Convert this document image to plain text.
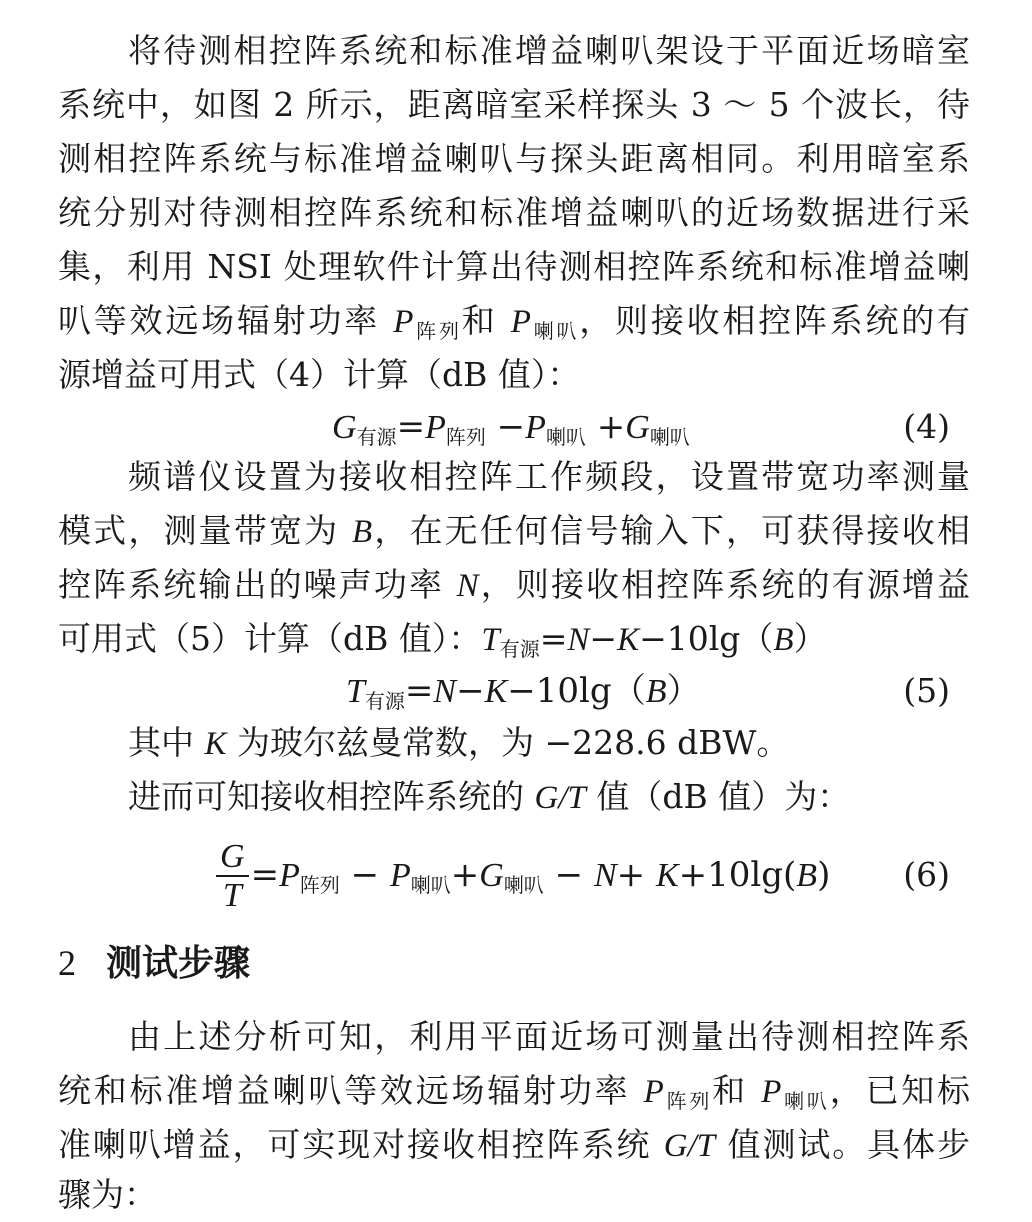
将待测相控阵系统和标准增益喇叭架设于平面近场暗室
系统中，如图 2 所示，距离暗室采样探头 3 ～ 5 个波长，待
测相控阵系统与标准增益喇叭与探头距离相同。利用暗室系
统分别对待测相控阵系统和标准增益喇叭的近场数据进行采
集，利用 NSI 处理软件计算出待测相控阵系统和标准增益喇
叭等效远场辐射功率 $P_{阵列}$和 $P_{喇叭}$，则接收相控阵系统的有
源增益可用式（4）计算（dB 值）：
$G_{有源}=P_{阵列} -P_{喇叭} +G_{喇叭}$	(4)
频谱仪设置为接收相控阵工作频段，设置带宽功率测量
模式，测量带宽为 B，在无任何信号输入下，可获得接收相
控阵系统输出的噪声功率 N，则接收相控阵系统的有源增益
可用式（5）计算（dB 值）：$T_{有源}=N-K-10\lg(B)$
$T_{有源}=N-K-10\lg(B)$	(5)
其中 K 为玻尔兹曼常数，为 −228.6 dBW。
进而可知接收相控阵系统的 G/T 值（dB 值）为：
$\frac{G}{T} =P_{阵列} - P_{喇叭}+G_{喇叭} - N+ K+10\lg(B)$ (6)
2 测试步骤
由上述分析可知，利用平面近场可测量出待测相控阵系
统和标准增益喇叭等效远场辐射功率 $P_{阵列}$和 $P_{喇叭}$，已知标
准喇叭增益，可实现对接收相控阵系统 G/T 值测试。具体步
骤为：
